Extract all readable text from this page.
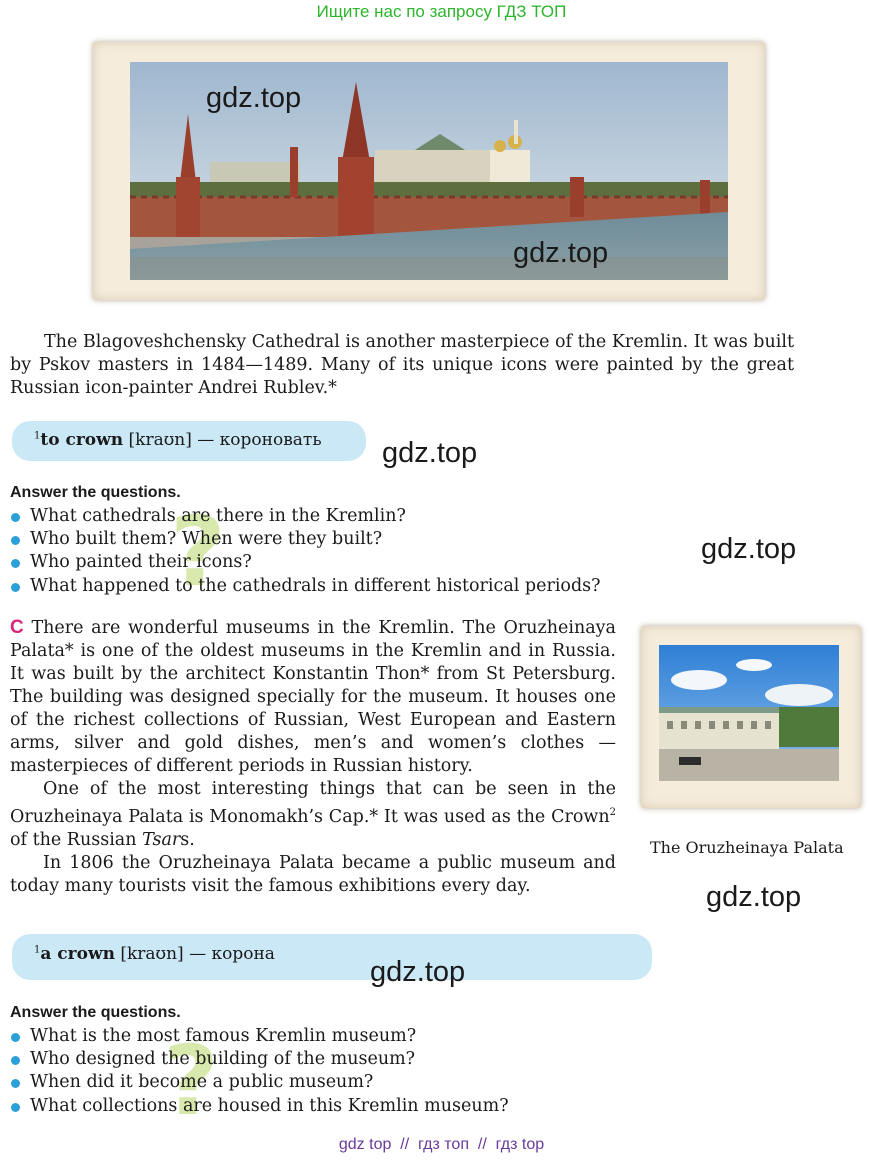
Ищите нас по запросу ГДЗ ТОП
gdz.top
gdz.top

The Blagoveshchensky Cathedral is another masterpiece of the Kremlin. It was built by Pskov masters in 1484—1489. Many of its unique icons were painted by the great Russian icon-painter Andrei Rublev.*

$^1$to crown [kraʊn] — короновать gdz.top
Answer the questions.
?
What cathedrals are there in the Kremlin?
Who built them? When were they built?
Who painted their icons?
What happened to the cathedrals in different historical periods?
gdz.top

C There are wonderful museums in the Kremlin. The Oruzheinaya Palata* is one of the oldest museums in the Kremlin and in Russia. It was built by the architect Konstantin Thon* from St Petersburg. The building was designed specially for the museum. It houses one of the richest collections of Russian, West European and Eastern arms, silver and gold dishes, men’s and women’s clothes — masterpieces of different periods in Russian history.

One of the most interesting things that can be seen in the Oruzheinaya Palata is Monomakh’s Cap.* It was used as the Crown$^2$ of the Russian Tsars.

In 1806 the Oruzheinaya Palata became a public museum and today many tourists visit the famous exhibitions every day.

The Oruzheinaya Palata
gdz.top
$^1$a crown [kraʊn] — корона
gdz.top
Answer the questions.
?
What is the most famous Kremlin museum?
Who designed the building of the museum?
When did it become a public museum?
What collections are housed in this Kremlin museum?
gdz top  //  гдз топ  //  гдз top
